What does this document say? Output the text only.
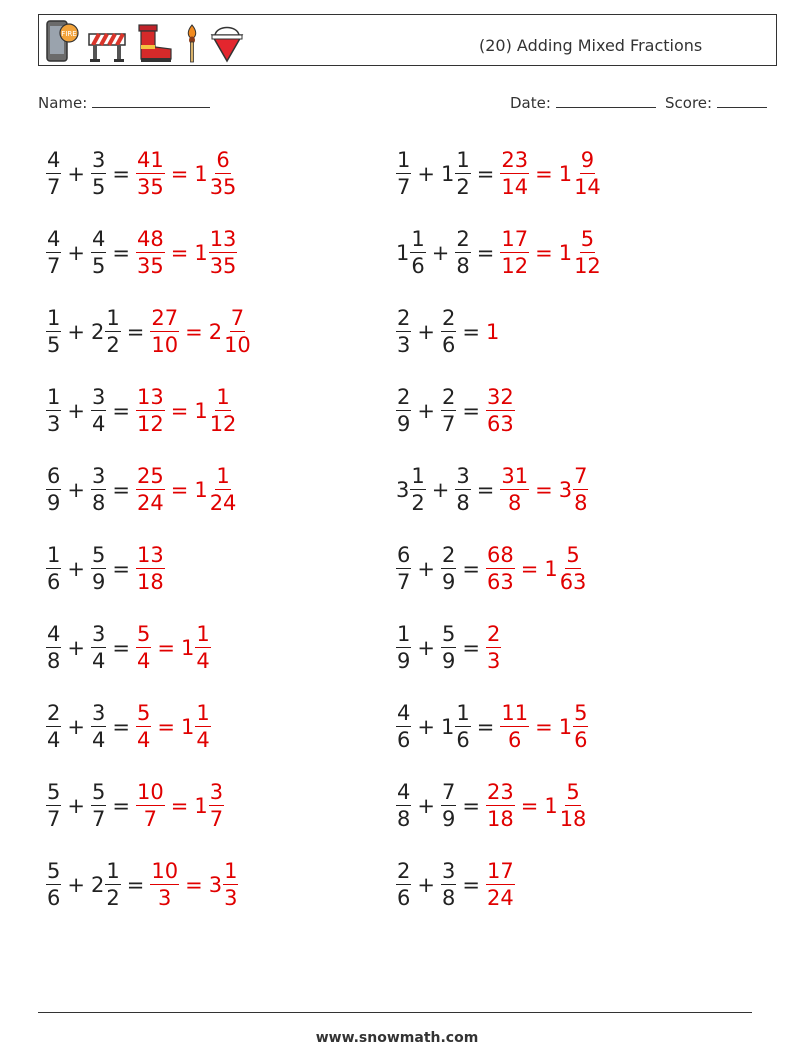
FIRE
(20) Adding Mixed Fractions
Name:	Date:	Score:
$\frac{4}{7} + \frac{3}{5} = \frac{41}{35} = 1 \frac{6}{35}$	$\frac{1}{7} + 1 \frac{1}{2} = \frac{23}{14} = 1 \frac{9}{14}$
$\frac{4}{7} + \frac{4}{5} = \frac{48}{35} = 1 \frac{13}{35}$	$1 \frac{1}{6} + \frac{2}{8} = \frac{17}{12} = 1 \frac{5}{12}$
$\frac{1}{5} + 2 \frac{1}{2} = \frac{27}{10} = 2 \frac{7}{10}$	$\frac{2}{3} + \frac{2}{6} = 1$
$\frac{1}{3} + \frac{3}{4} = \frac{13}{12} = 1 \frac{1}{12}$	$\frac{2}{9} + \frac{2}{7} = \frac{32}{63}$
$\frac{6}{9} + \frac{3}{8} = \frac{25}{24} = 1 \frac{1}{24}$	$3 \frac{1}{2} + \frac{3}{8} = \frac{31}{8} = 3 \frac{7}{8}$
$\frac{1}{6} + \frac{5}{9} = \frac{13}{18}$	$\frac{6}{7} + \frac{2}{9} = \frac{68}{63} = 1 \frac{5}{63}$
$\frac{4}{8} + \frac{3}{4} = \frac{5}{4} = 1 \frac{1}{4}$	$\frac{1}{9} + \frac{5}{9} = \frac{2}{3}$
$\frac{2}{4} + \frac{3}{4} = \frac{5}{4} = 1 \frac{1}{4}$	$\frac{4}{6} + 1 \frac{1}{6} = \frac{11}{6} = 1 \frac{5}{6}$
$\frac{5}{7} + \frac{5}{7} = \frac{10}{7} = 1 \frac{3}{7}$	$\frac{4}{8} + \frac{7}{9} = \frac{23}{18} = 1 \frac{5}{18}$
$\frac{5}{6} + 2 \frac{1}{2} = \frac{10}{3} = 3 \frac{1}{3}$	$\frac{2}{6} + \frac{3}{8} = \frac{17}{24}$
www.snowmath.com
